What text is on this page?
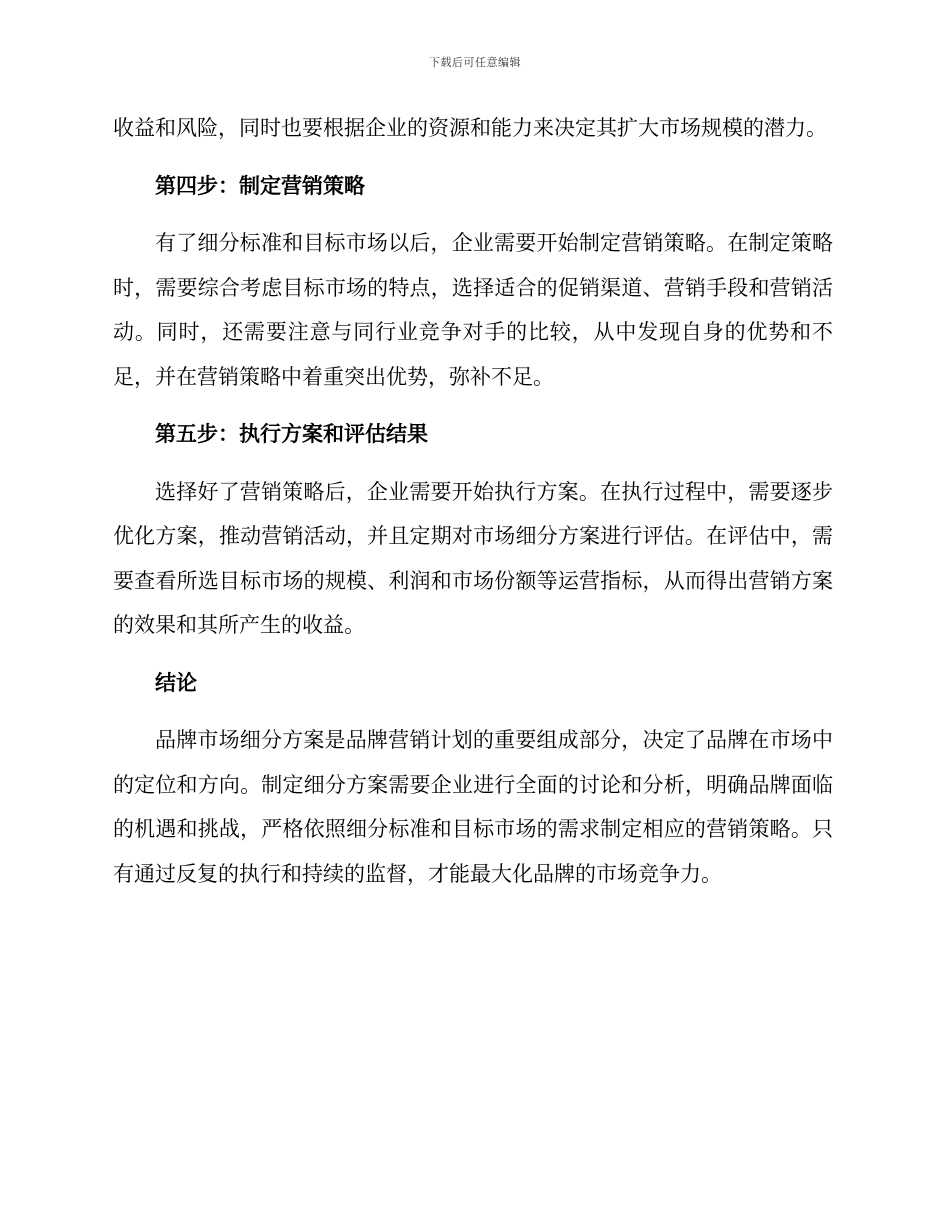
下载后可任意编辑

收益和风险，同时也要根据企业的资源和能力来决定其扩大市场规模的潜力。

第四步：制定营销策略

有了细分标准和目标市场以后，企业需要开始制定营销策略。在制定策略时，需要综合考虑目标市场的特点，选择适合的促销渠道、营销手段和营销活动。同时，还需要注意与同行业竞争对手的比较，从中发现自身的优势和不足，并在营销策略中着重突出优势，弥补不足。

第五步：执行方案和评估结果

选择好了营销策略后，企业需要开始执行方案。在执行过程中，需要逐步优化方案，推动营销活动，并且定期对市场细分方案进行评估。在评估中，需要查看所选目标市场的规模、利润和市场份额等运营指标，从而得出营销方案的效果和其所产生的收益。

结论

品牌市场细分方案是品牌营销计划的重要组成部分，决定了品牌在市场中的定位和方向。制定细分方案需要企业进行全面的讨论和分析，明确品牌面临的机遇和挑战，严格依照细分标准和目标市场的需求制定相应的营销策略。只有通过反复的执行和持续的监督，才能最大化品牌的市场竞争力。
